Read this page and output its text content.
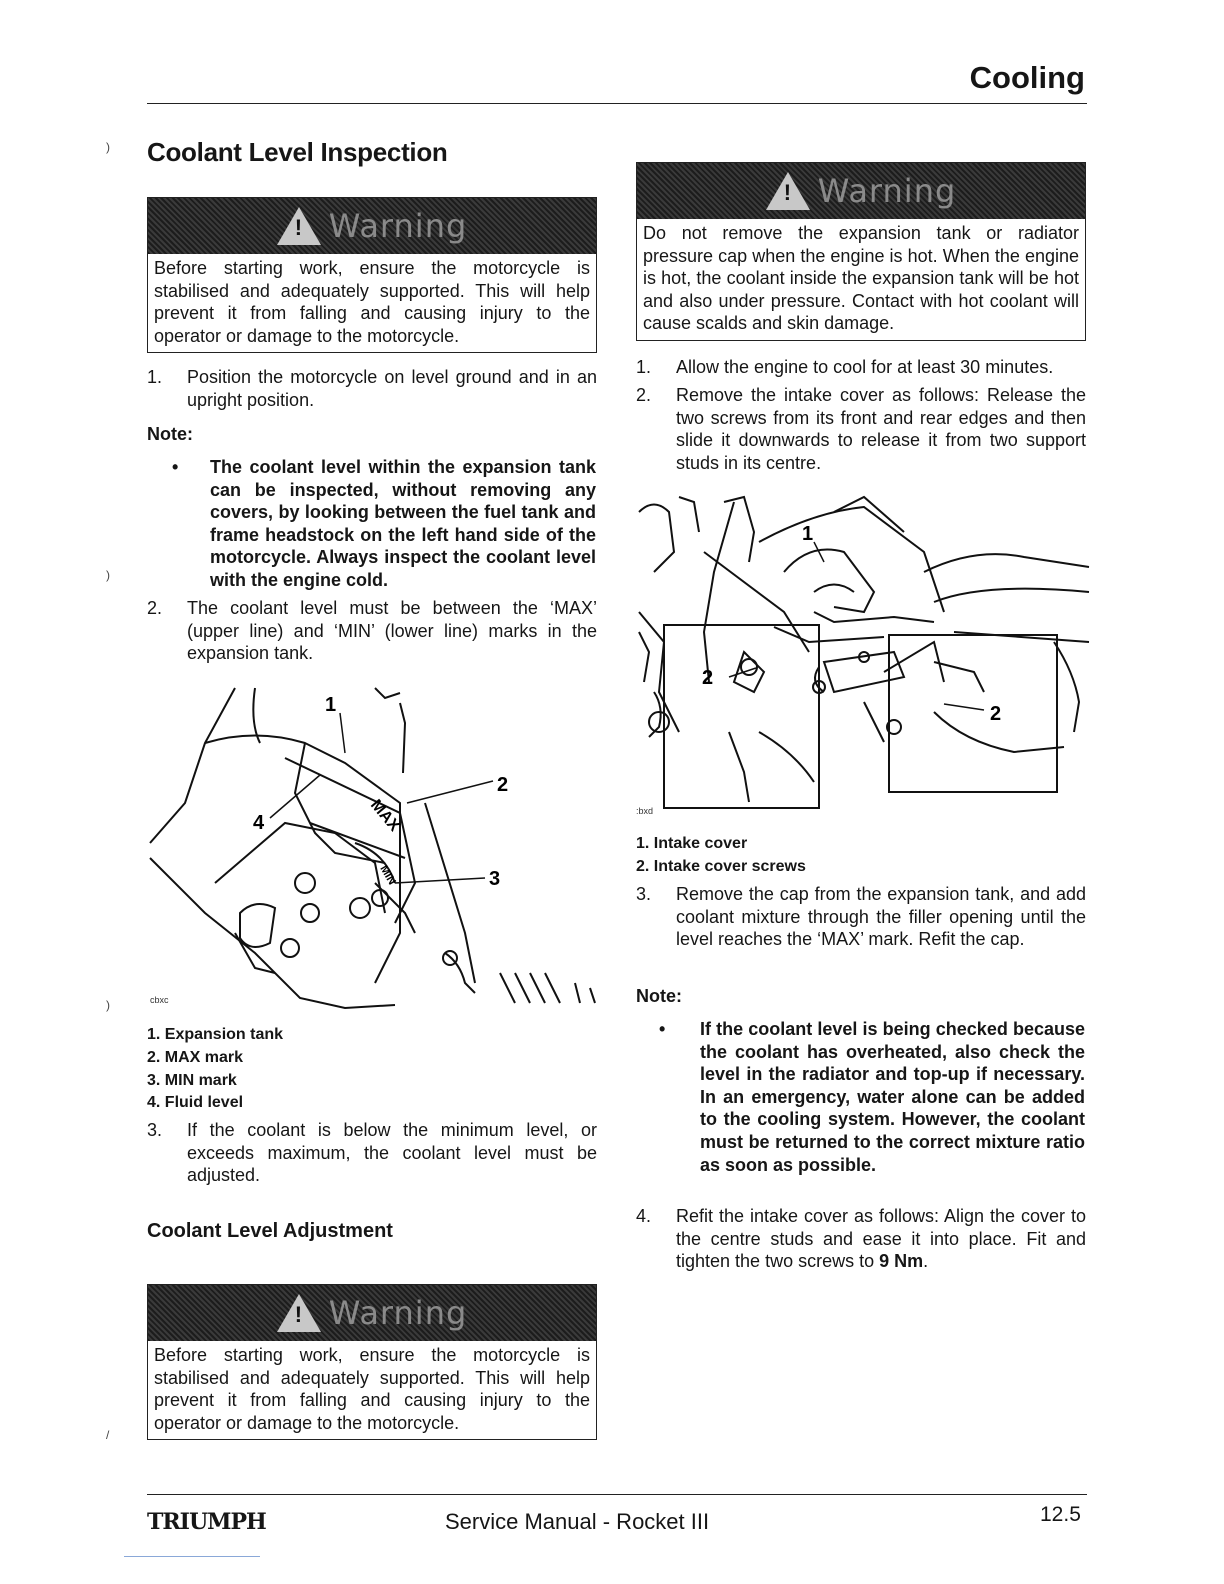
)
)
)
/
Cooling
Coolant Level Inspection
! Warning
Before starting work, ensure the motorcycle is stabilised and adequately supported. This will help prevent it from falling and causing injury to the operator or damage to the motorcycle.
1. Position the motorcycle on level ground and in an upright position.
Note:
• The coolant level within the expansion tank can be inspected, without removing any covers, by looking between the fuel tank and frame headstock on the left hand side of the motorcycle. Always inspect the coolant level with the engine cold.
2. The coolant level must be between the ‘MAX’ (upper line) and ‘MIN’ (lower line) marks in the expansion tank.
MAX
MIN
1
2
3
4
cbxc
1. Expansion tank
2. MAX mark
3. MIN mark
4. Fluid level
3. If the coolant is below the minimum level, or exceeds maximum, the coolant level must be adjusted.
Coolant Level Adjustment
! Warning
Before starting work, ensure the motorcycle is stabilised and adequately supported. This will help prevent it from falling and causing injury to the operator or damage to the motorcycle.
! Warning
Do not remove the expansion tank or radiator pressure cap when the engine is hot. When the engine is hot, the coolant inside the expansion tank will be hot and also under pressure. Contact with hot coolant will cause scalds and skin damage.
1. Allow the engine to cool for at least 30 minutes.
2. Remove the intake cover as follows: Release the two screws from its front and rear edges and then slide it downwards to release it from two support studs in its centre.
1
2
2
:bxd
1. Intake cover
2. Intake cover screws
3. Remove the cap from the expansion tank, and add coolant mixture through the filler opening until the level reaches the ‘MAX’ mark. Refit the cap.
Note:
• If the coolant level is being checked because the coolant has overheated, also check the level in the radiator and top-up if necessary. In an emergency, water alone can be added to the cooling system. However, the coolant must be returned to the correct mixture ratio as soon as possible.
4. Refit the intake cover as follows: Align the cover to the centre studs and ease it into place. Fit and tighten the two screws to 9 Nm.
TRIUMPH	Service Manual - Rocket III	12.5
